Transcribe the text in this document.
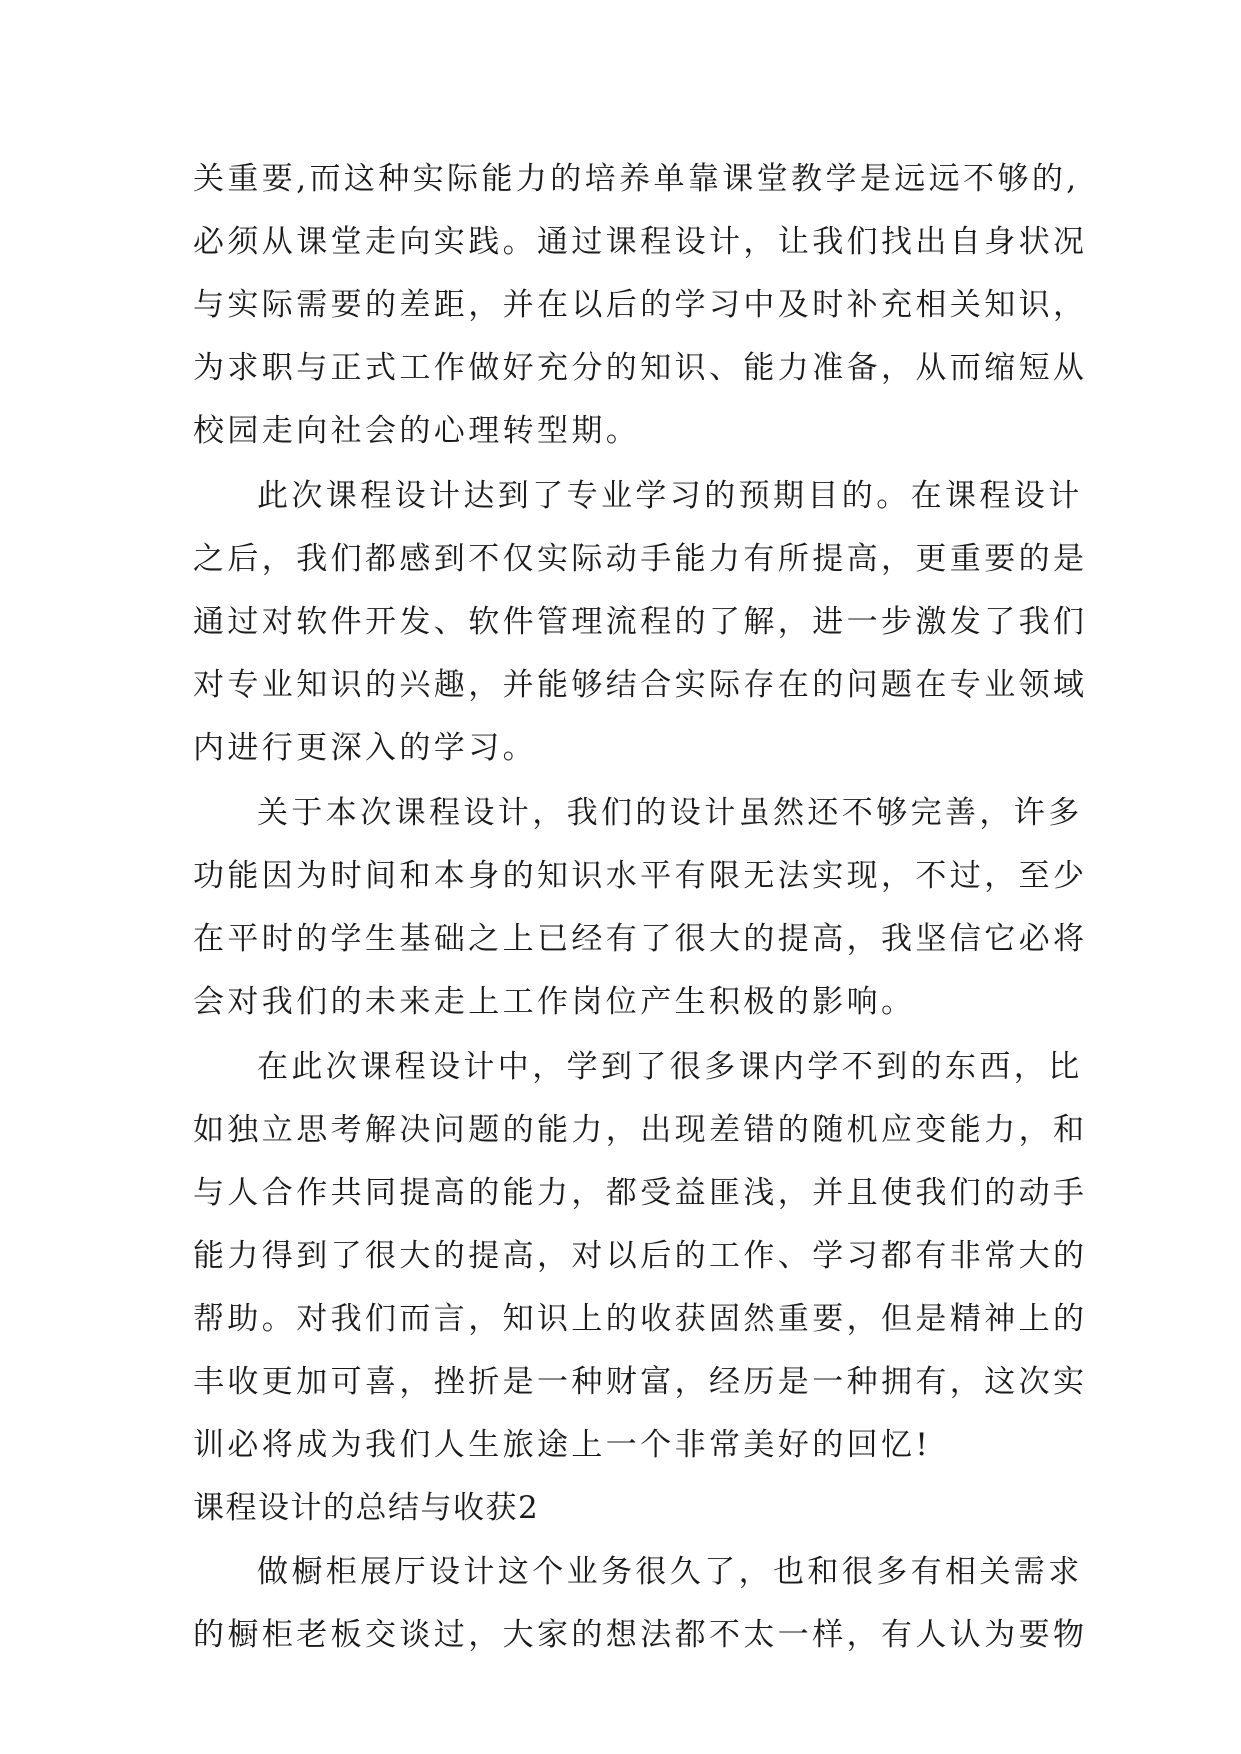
关重要,而这种实际能力的培养单靠课堂教学是远远不够的,
必须从课堂走向实践。通过课程设计，让我们找出自身状况
与实际需要的差距，并在以后的学习中及时补充相关知识，
为求职与正式工作做好充分的知识、能力准备，从而缩短从
校园走向社会的心理转型期。
此次课程设计达到了专业学习的预期目的。在课程设计
之后，我们都感到不仅实际动手能力有所提高，更重要的是
通过对软件开发、软件管理流程的了解，进一步激发了我们
对专业知识的兴趣，并能够结合实际存在的问题在专业领域
内进行更深入的学习。
关于本次课程设计，我们的设计虽然还不够完善，许多
功能因为时间和本身的知识水平有限无法实现，不过，至少
在平时的学生基础之上已经有了很大的提高，我坚信它必将
会对我们的未来走上工作岗位产生积极的影响。
在此次课程设计中，学到了很多课内学不到的东西，比
如独立思考解决问题的能力，出现差错的随机应变能力，和
与人合作共同提高的能力，都受益匪浅，并且使我们的动手
能力得到了很大的提高，对以后的工作、学习都有非常大的
帮助。对我们而言，知识上的收获固然重要，但是精神上的
丰收更加可喜，挫折是一种财富，经历是一种拥有，这次实
训必将成为我们人生旅途上一个非常美好的回忆!
课程设计的总结与收获2
做橱柜展厅设计这个业务很久了，也和很多有相关需求
的橱柜老板交谈过，大家的想法都不太一样，有人认为要物
